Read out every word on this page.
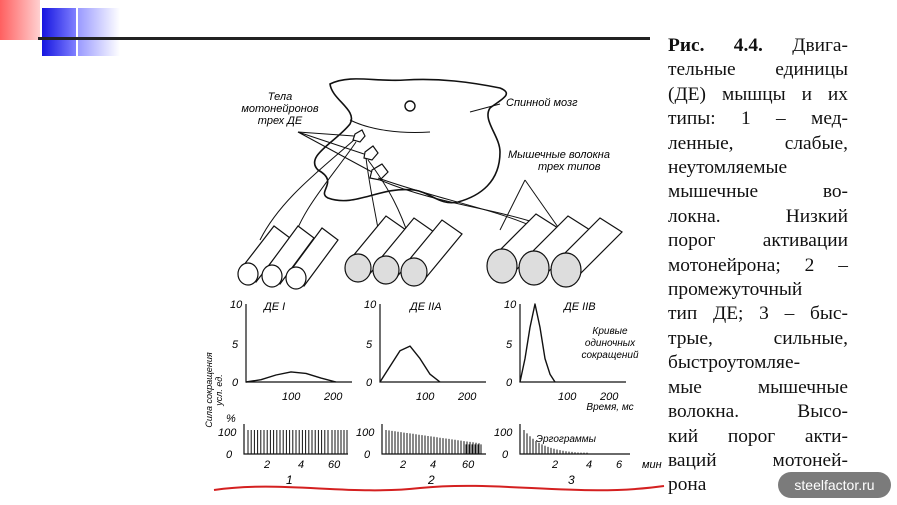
Тела
мотонейронов
трех ДЕ
Спинной мозг
Мышечные волокна
трех типов
Сила сокращения усл. ед.
ДЕ I	ДЕ IIA	ДЕ IIB
Кривые
одиночных
сокращений
Время, мс
10
5
0
10
5
0
10
5
0
100 200	100 200	100 200
%
100
0
100
0
100
0
Эргограммы
2	4 60	2 4 60	2	4 6 мин
1	2	3
Рис. 4.4. Двига-
тельные единицы
(ДЕ) мышцы и их
типы: 1 – мед-
ленные, слабые,
неутомляемые
мышечные во-
локна. Низкий
порог активации
мотонейрона; 2 –
промежуточный
тип ДЕ; 3 – быс-
трые, сильные,
быстроутомляе-
мые мышечные
волокна. Высо-
кий порог акти-
ваций мотоней-
рона	steelfactor.ru
